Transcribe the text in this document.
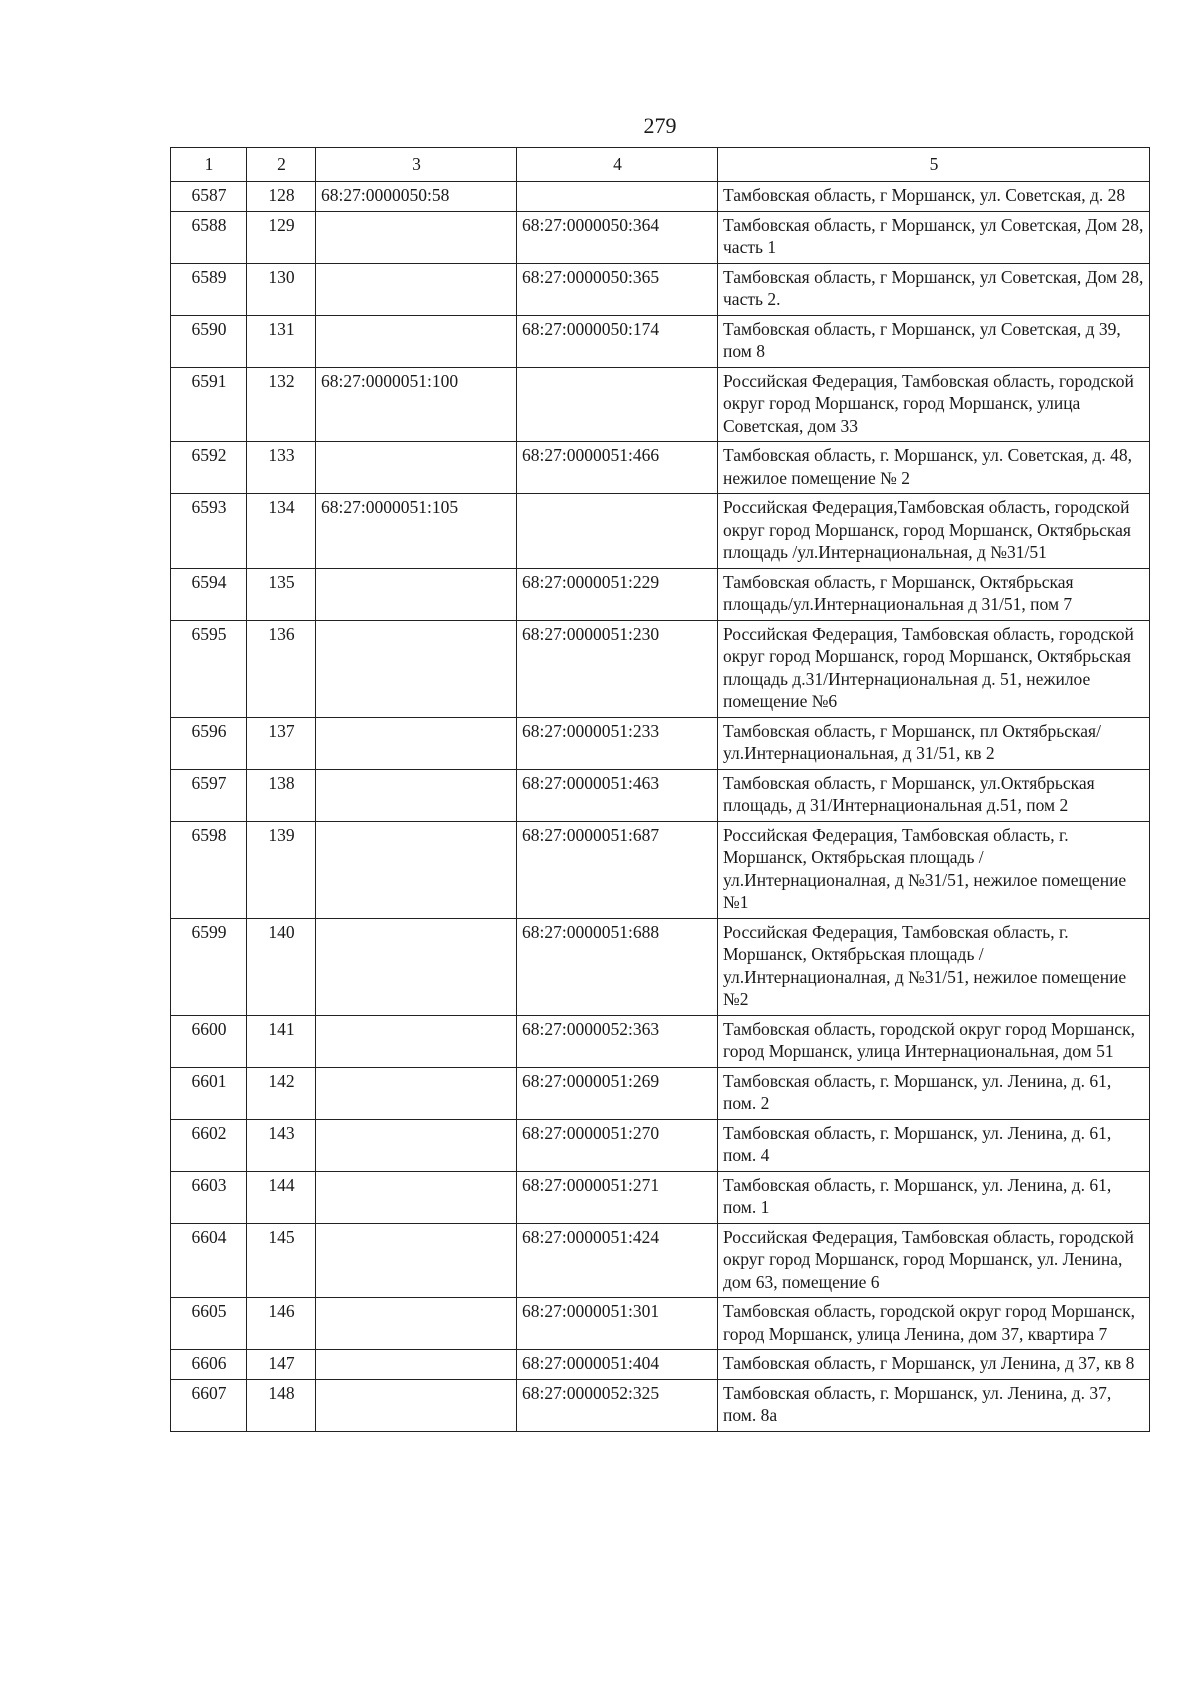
279
1	2	3	4	5
6587	128	68:27:0000050:58		Тамбовская область, г Моршанск, ул. Советская, д. 28
6588	129		68:27:0000050:364	Тамбовская область, г Моршанск, ул Советская, Дом 28, часть 1
6589	130		68:27:0000050:365	Тамбовская область, г Моршанск, ул Советская, Дом 28, часть 2.
6590	131		68:27:0000050:174	Тамбовская область, г Моршанск, ул Советская, д 39, пом 8
6591	132	68:27:0000051:100		Российская Федерация, Тамбовская область, городской округ город Моршанск, город Моршанск, улица Советская, дом 33
6592	133		68:27:0000051:466	Тамбовская область, г. Моршанск, ул. Советская, д. 48, нежилое помещение № 2
6593	134	68:27:0000051:105		Российская Федерация,Тамбовская область, городской округ город Моршанск, город Моршанск, Октябрьская площадь /ул.Интернациональная, д №31/51
6594	135		68:27:0000051:229	Тамбовская область, г Моршанск, Октябрьская площадь/ул.Интернациональная д 31/51, пом 7
6595	136		68:27:0000051:230	Российская Федерация, Тамбовская область, городской округ город Моршанск, город Моршанск, Октябрьская площадь д.31/Интернациональная д. 51, нежилое помещение №6
6596	137		68:27:0000051:233	Тамбовская область, г Моршанск, пл Октябрьская/ул.Интернациональная, д 31/51, кв 2
6597	138		68:27:0000051:463	Тамбовская область, г Моршанск, ул.Октябрьская площадь, д 31/Интернациональная д.51, пом 2
6598	139		68:27:0000051:687	Российская Федерация, Тамбовская область, г. Моршанск, Октябрьская площадь /ул.Интернационалная, д №31/51, нежилое помещение №1
6599	140		68:27:0000051:688	Российская Федерация, Тамбовская область, г. Моршанск, Октябрьская площадь /ул.Интернационалная, д №31/51, нежилое помещение №2
6600	141		68:27:0000052:363	Тамбовская область, городской округ город Моршанск, город Моршанск, улица Интернациональная, дом 51
6601	142		68:27:0000051:269	Тамбовская область, г. Моршанск, ул. Ленина, д. 61, пом. 2
6602	143		68:27:0000051:270	Тамбовская область, г. Моршанск, ул. Ленина, д. 61, пом. 4
6603	144		68:27:0000051:271	Тамбовская область, г. Моршанск, ул. Ленина, д. 61, пом. 1
6604	145		68:27:0000051:424	Российская Федерация, Тамбовская область, городской округ город Моршанск, город Моршанск, ул. Ленина, дом 63, помещение 6
6605	146		68:27:0000051:301	Тамбовская область, городской округ город Моршанск, город Моршанск, улица Ленина, дом 37, квартира 7
6606	147		68:27:0000051:404	Тамбовская область, г Моршанск, ул Ленина, д 37, кв 8
6607	148		68:27:0000052:325	Тамбовская область, г. Моршанск, ул. Ленина, д. 37, пом. 8а
